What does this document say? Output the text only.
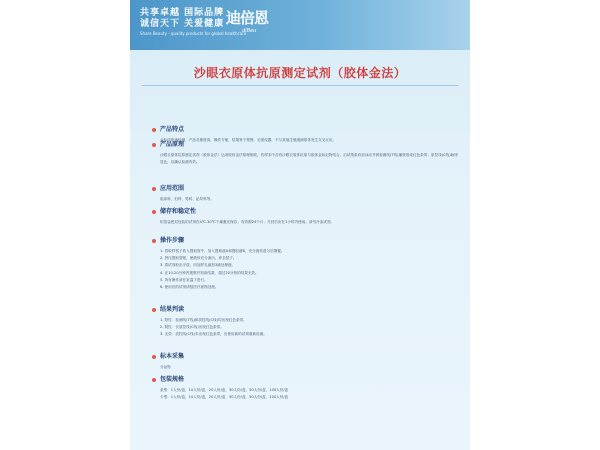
共享卓越 国际品牌
诚信天下 关爱健康
Share Beauty - quality products for global healthcare
迪倍恩
diBeu
沙眼衣原体抗原测定试剂（胶体金法）
产品特点
金标法快速检测，产品灵敏度高，操作方便，结果易于观察，无需仪器，不与其他生殖道病原体发生交叉反应。
产品原理
沙眼衣原体抗原测定试剂（胶体金法）运用胶体金法原理制成，若样本中含有沙眼衣原体抗原与胶体金标记物结合，沿试纸条向前泳动并被检测线(T线)捕获形成红色条带；质控线(C线)始终显色，以确认检测有效。
应用范围
临床科、妇科、男科、泌尿科等。
储存和稳定性
铝箔袋密封包装的试剂在4℃-30℃干燥避光保存，有效期24个月；开封后应在1小时内使用。请勿冷冻试剂。
操作步骤
1. 将取样拭子放入提取管中，加入提取液A和提取液B，充分旋转混匀后静置。
2. 挤压提取管壁，使液体充分流出，弃去拭子。
3. 将试剂取出平放，向加样孔滴加3滴处理液。
4. 在10-20分钟内观察并判读结果，超过20分钟的结果无效。
5. 所有操作请在室温下进行。
6. 使用后的试剂请按医疗废物处理。
结果判读
1. 阳性：检测线(T线)和质控线(C线)均出现红色条带。
2. 阴性：仅质控线(C线)出现红色条带。
3. 无效：质控线(C线)未出现红色条带，应使用新的试剂重新检测。
标本采集
分泌物
包装规格
条型：1人份/盒，10人份/盒，20人份/盒，30人份/盒，50人份/盒，100人份/盒
卡型：1人份/盒，10人份/盒，20人份/盒，30人份/盒，50人份/盒，100人份/盒
